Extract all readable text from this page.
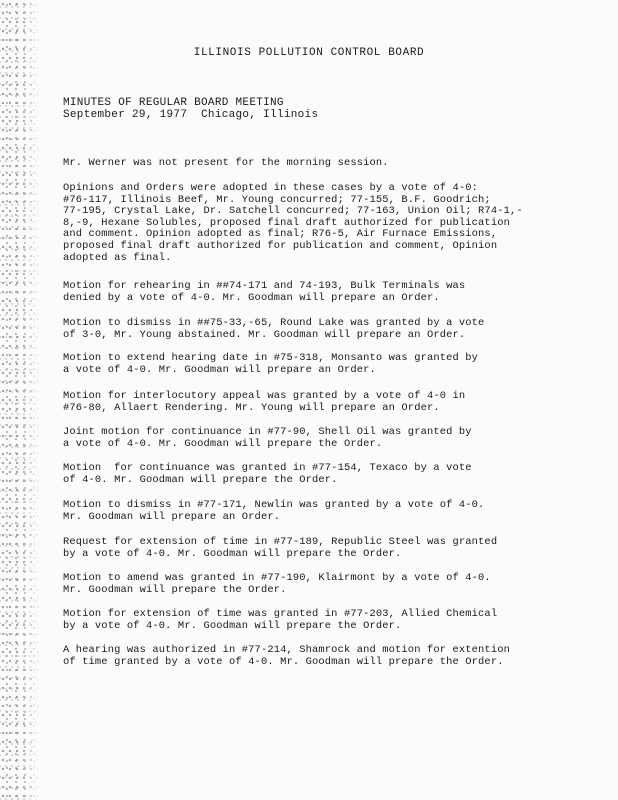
ILLINOIS POLLUTION CONTROL BOARD
MINUTES OF REGULAR BOARD MEETING
September 29, 1977  Chicago, Illinois
Mr. Werner was not present for the morning session.
Opinions and Orders were adopted in these cases by a vote of 4-0:
#76-117, Illinois Beef, Mr. Young concurred; 77-155, B.F. Goodrich;
77-195, Crystal Lake, Dr. Satchell concurred; 77-163, Union Oil; R74-1,-
8,-9, Hexane Solubles, proposed final draft authorized for publication
and comment. Opinion adopted as final; R76-5, Air Furnace Emissions,
proposed final draft authorized for publication and comment, Opinion
adopted as final.
Motion for rehearing in ##74-171 and 74-193, Bulk Terminals was
denied by a vote of 4-0. Mr. Goodman will prepare an Order.
Motion to dismiss in ##75-33,-65, Round Lake was granted by a vote
of 3-0, Mr. Young abstained. Mr. Goodman will prepare an Order.
Motion to extend hearing date in #75-318, Monsanto was granted by
a vote of 4-0. Mr. Goodman will prepare an Order.
Motion for interlocutory appeal was granted by a vote of 4-0 in
#76-80, Allaert Rendering. Mr. Young will prepare an Order.
Joint motion for continuance in #77-90, Shell Oil was granted by
a vote of 4-0. Mr. Goodman will prepare the Order.
Motion  for continuance was granted in #77-154, Texaco by a vote
of 4-0. Mr. Goodman will prepare the Order.
Motion to dismiss in #77-171, Newlin was granted by a vote of 4-0.
Mr. Goodman will prepare an Order.
Request for extension of time in #77-189, Republic Steel was granted
by a vote of 4-0. Mr. Goodman will prepare the Order.
Motion to amend was granted in #77-190, Klairmont by a vote of 4-0.
Mr. Goodman will prepare the Order.
Motion for extension of time was granted in #77-203, Allied Chemical
by a vote of 4-0. Mr. Goodman will prepare the Order.
A hearing was authorized in #77-214, Shamrock and motion for extention
of time granted by a vote of 4-0. Mr. Goodman will prepare the Order.
